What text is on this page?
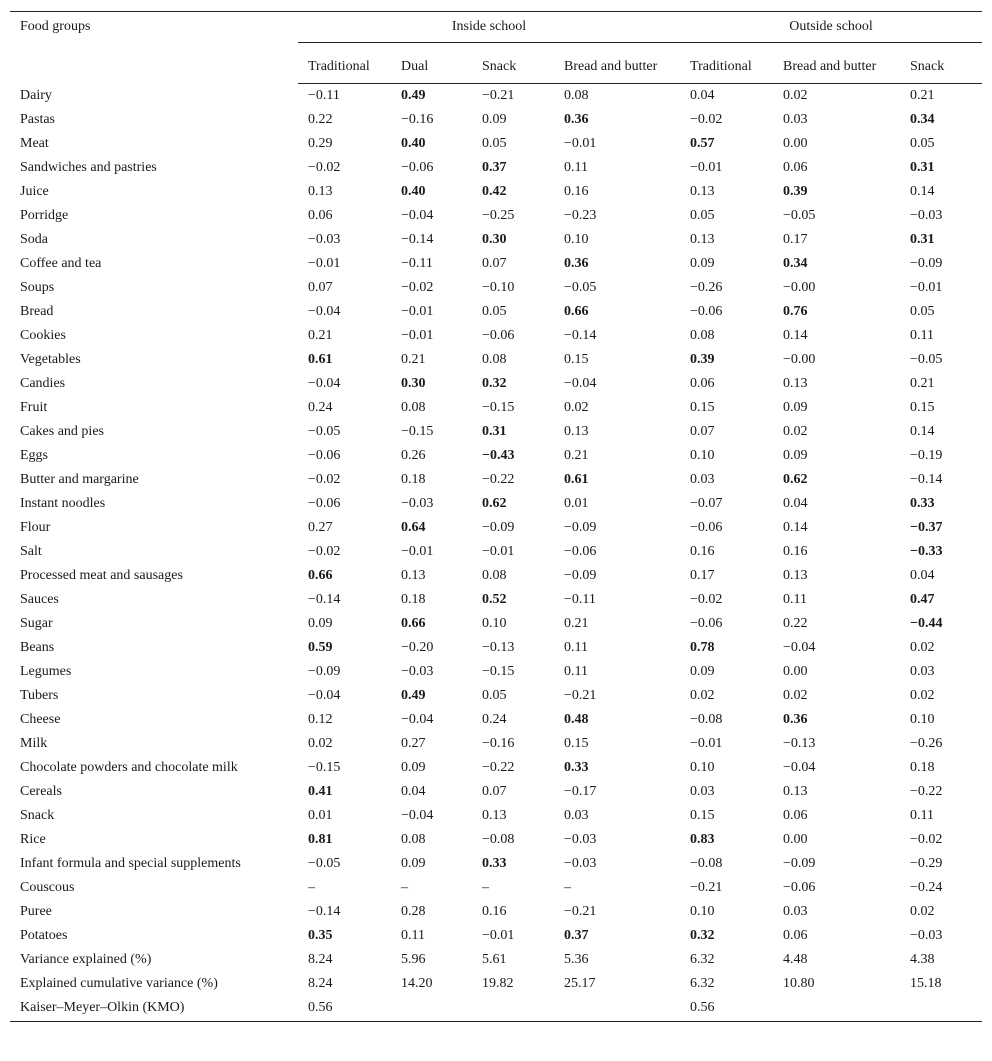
Food groups	Inside school				Outside school		

	Traditional	Dual	Snack	Bread and butter	Traditional	Bread and butter	Snack
Dairy	−0.11	0.49	−0.21	0.08	0.04	0.02	0.21
Pastas	0.22	−0.16	0.09	0.36	−0.02	0.03	0.34
Meat	0.29	0.40	0.05	−0.01	0.57	0.00	0.05
Sandwiches and pastries	−0.02	−0.06	0.37	0.11	−0.01	0.06	0.31
Juice	0.13	0.40	0.42	0.16	0.13	0.39	0.14
Porridge	0.06	−0.04	−0.25	−0.23	0.05	−0.05	−0.03
Soda	−0.03	−0.14	0.30	0.10	0.13	0.17	0.31
Coffee and tea	−0.01	−0.11	0.07	0.36	0.09	0.34	−0.09
Soups	0.07	−0.02	−0.10	−0.05	−0.26	−0.00	−0.01
Bread	−0.04	−0.01	0.05	0.66	−0.06	0.76	0.05
Cookies	0.21	−0.01	−0.06	−0.14	0.08	0.14	0.11
Vegetables	0.61	0.21	0.08	0.15	0.39	−0.00	−0.05
Candies	−0.04	0.30	0.32	−0.04	0.06	0.13	0.21
Fruit	0.24	0.08	−0.15	0.02	0.15	0.09	0.15
Cakes and pies	−0.05	−0.15	0.31	0.13	0.07	0.02	0.14
Eggs	−0.06	0.26	−0.43	0.21	0.10	0.09	−0.19
Butter and margarine	−0.02	0.18	−0.22	0.61	0.03	0.62	−0.14
Instant noodles	−0.06	−0.03	0.62	0.01	−0.07	0.04	0.33
Flour	0.27	0.64	−0.09	−0.09	−0.06	0.14	−0.37
Salt	−0.02	−0.01	−0.01	−0.06	0.16	0.16	−0.33
Processed meat and sausages	0.66	0.13	0.08	−0.09	0.17	0.13	0.04
Sauces	−0.14	0.18	0.52	−0.11	−0.02	0.11	0.47
Sugar	0.09	0.66	0.10	0.21	−0.06	0.22	−0.44
Beans	0.59	−0.20	−0.13	0.11	0.78	−0.04	0.02
Legumes	−0.09	−0.03	−0.15	0.11	0.09	0.00	0.03
Tubers	−0.04	0.49	0.05	−0.21	0.02	0.02	0.02
Cheese	0.12	−0.04	0.24	0.48	−0.08	0.36	0.10
Milk	0.02	0.27	−0.16	0.15	−0.01	−0.13	−0.26
Chocolate powders and chocolate milk	−0.15	0.09	−0.22	0.33	0.10	−0.04	0.18
Cereals	0.41	0.04	0.07	−0.17	0.03	0.13	−0.22
Snack	0.01	−0.04	0.13	0.03	0.15	0.06	0.11
Rice	0.81	0.08	−0.08	−0.03	0.83	0.00	−0.02
Infant formula and special supplements	−0.05	0.09	0.33	−0.03	−0.08	−0.09	−0.29
Couscous	–	–	–	–	−0.21	−0.06	−0.24
Puree	−0.14	0.28	0.16	−0.21	0.10	0.03	0.02
Potatoes	0.35	0.11	−0.01	0.37	0.32	0.06	−0.03
Variance explained (%)	8.24	5.96	5.61	5.36	6.32	4.48	4.38
Explained cumulative variance (%)	8.24	14.20	19.82	25.17	6.32	10.80	15.18
Kaiser–Meyer–Olkin (KMO)	0.56				0.56		
